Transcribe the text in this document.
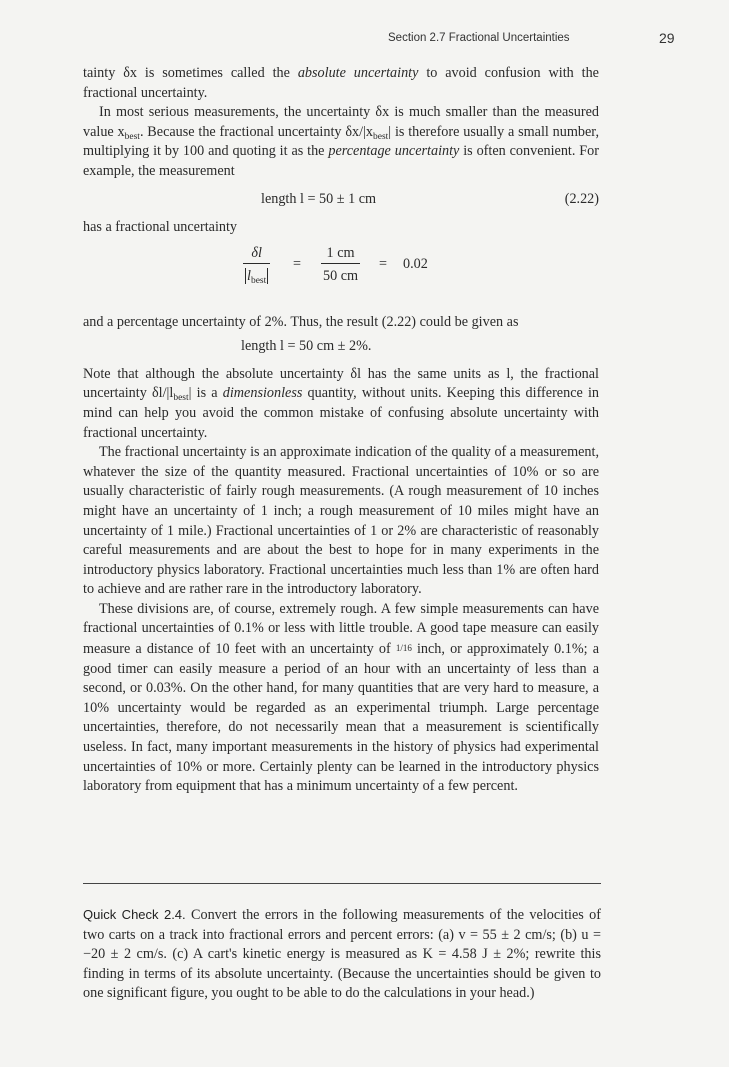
Section 2.7 Fractional Uncertainties	29

tainty δx is sometimes called the absolute uncertainty to avoid confusion with the fractional uncertainty.

In most serious measurements, the uncertainty δx is much smaller than the measured value $x_{best}$. Because the fractional uncertainty $\delta x/|x_{best}|$ is therefore usually a small number, multiplying it by 100 and quoting it as the percentage uncertainty is often convenient. For example, the measurement

length l = 50 ± 1 cm	(2.22)

has a fractional uncertainty

δl
$l_{best}$
= $\frac{1 cm}{50 cm} = 0.02$

and a percentage uncertainty of 2%. Thus, the result (2.22) could be given as

length l = 50 cm ± 2%.

Note that although the absolute uncertainty δl has the same units as l, the fractional uncertainty $\delta l/|l_{best}|$ is a dimensionless quantity, without units. Keeping this difference in mind can help you avoid the common mistake of confusing absolute uncertainty with fractional uncertainty.

The fractional uncertainty is an approximate indication of the quality of a measurement, whatever the size of the quantity measured. Fractional uncertainties of 10% or so are usually characteristic of fairly rough measurements. (A rough measurement of 10 inches might have an uncertainty of 1 inch; a rough measurement of 10 miles might have an uncertainty of 1 mile.) Fractional uncertainties of 1 or 2% are characteristic of reasonably careful measurements and are about the best to hope for in many experiments in the introductory physics laboratory. Fractional uncertainties much less than 1% are often hard to achieve and are rather rare in the introductory laboratory.

These divisions are, of course, extremely rough. A few simple measurements can have fractional uncertainties of 0.1% or less with little trouble. A good tape measure can easily measure a distance of 10 feet with an uncertainty of 1/16 inch, or approximately 0.1%; a good timer can easily measure a period of an hour with an uncertainty of less than a second, or 0.03%. On the other hand, for many quantities that are very hard to measure, a 10% uncertainty would be regarded as an experimental triumph. Large percentage uncertainties, therefore, do not necessarily mean that a measurement is scientifically useless. In fact, many important measurements in the history of physics had experimental uncertainties of 10% or more. Certainly plenty can be learned in the introductory physics laboratory from equipment that has a minimum uncertainty of a few percent.

Quick Check 2.4. Convert the errors in the following measurements of the velocities of two carts on a track into fractional errors and percent errors: (a) v = 55 ± 2 cm/s; (b) u = −20 ± 2 cm/s. (c) A cart's kinetic energy is measured as K = 4.58 J ± 2%; rewrite this finding in terms of its absolute uncertainty. (Because the uncertainties should be given to one significant figure, you ought to be able to do the calculations in your head.)
